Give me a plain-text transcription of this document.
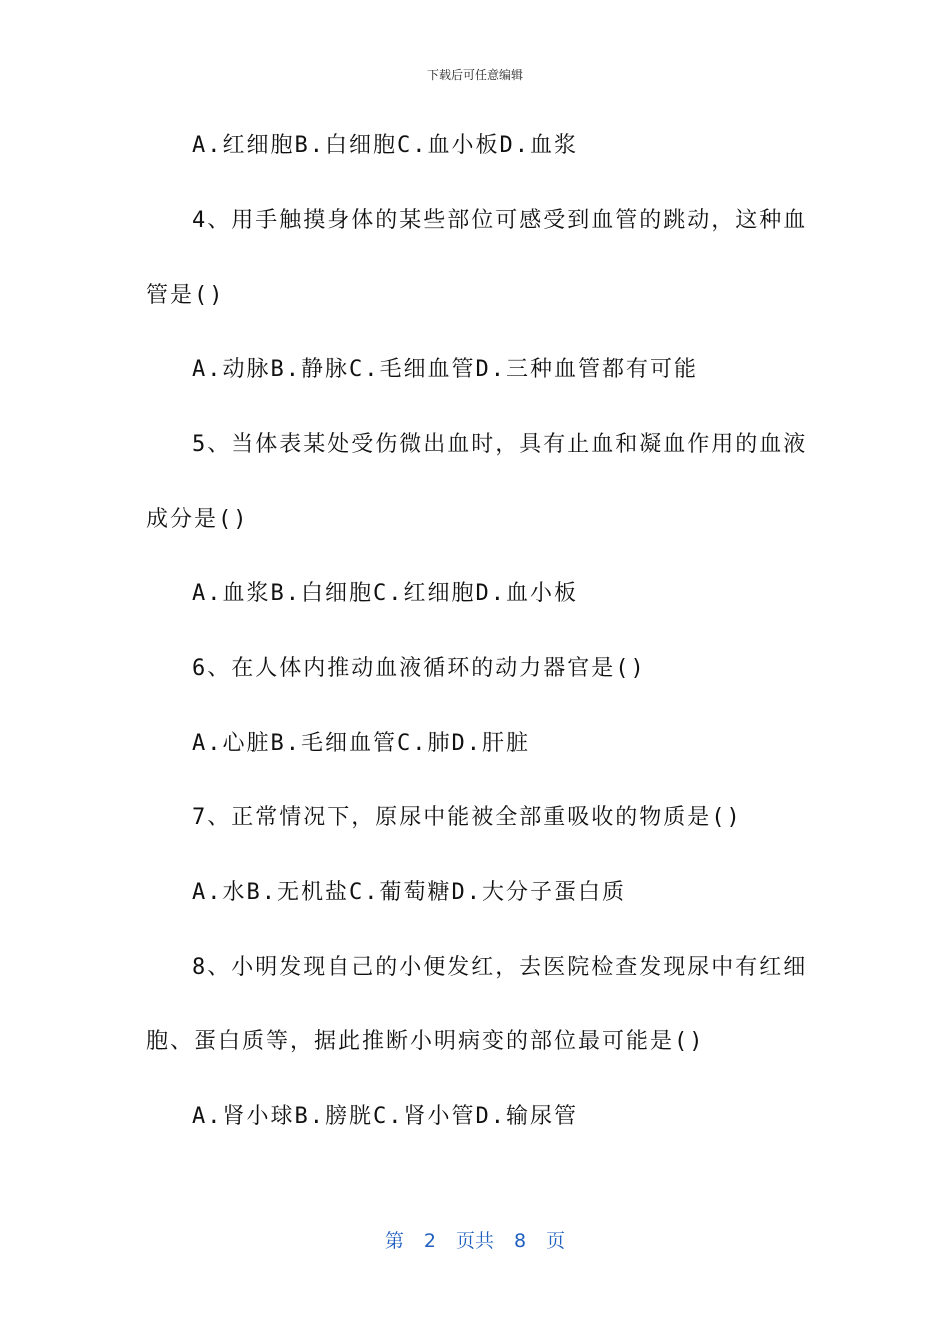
下载后可任意编辑
A.红细胞B.白细胞C.血小板D.血浆
4、用手触摸身体的某些部位可感受到血管的跳动，这种血
管是()
A.动脉B.静脉C.毛细血管D.三种血管都有可能
5、当体表某处受伤微出血时，具有止血和凝血作用的血液
成分是()
A.血浆B.白细胞C.红细胞D.血小板
6、在人体内推动血液循环的动力器官是()
A.心脏B.毛细血管C.肺D.肝脏
7、正常情况下，原尿中能被全部重吸收的物质是()
A.水B.无机盐C.葡萄糖D.大分子蛋白质
8、小明发现自己的小便发红，去医院检查发现尿中有红细
胞、蛋白质等，据此推断小明病变的部位最可能是()
A.肾小球B.膀胱C.肾小管D.输尿管
第 2 页共 8 页
